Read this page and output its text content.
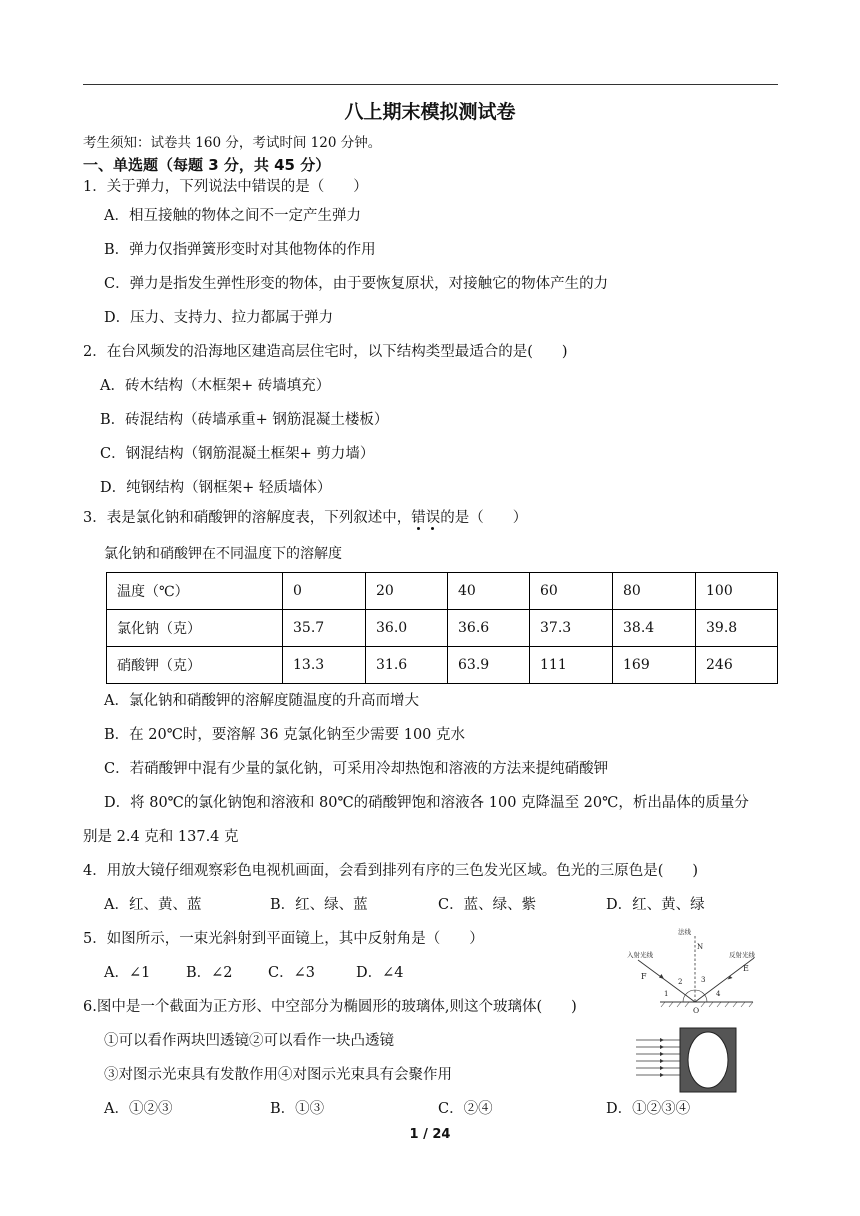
八上期末模拟测试卷
考生须知：试卷共 160 分，考试时间 120 分钟。
一、单选题（每题 3 分，共 45 分）
1．关于弹力，下列说法中错误的是（　　）
A．相互接触的物体之间不一定产生弹力
B．弹力仅指弹簧形变时对其他物体的作用
C．弹力是指发生弹性形变的物体，由于要恢复原状，对接触它的物体产生的力
D．压力、支持力、拉力都属于弹力
2．在台风频发的沿海地区建造高层住宅时，以下结构类型最适合的是(　　)
A．砖木结构（木框架+ 砖墙填充）
B．砖混结构（砖墙承重+ 钢筋混凝土楼板）
C．钢混结构（钢筋混凝土框架+ 剪力墙）
D．纯钢结构（钢框架+ 轻质墙体）
3．表是氯化钠和硝酸钾的溶解度表，下列叙述中，错误的是（　　）
氯化钠和硝酸钾在不同温度下的溶解度
温度（℃）	0	20	40	60	80	100
氯化钠（克）	35.7	36.0	36.6	37.3	38.4	39.8
硝酸钾（克）	13.3	31.6	63.9	111	169	246
A．氯化钠和硝酸钾的溶解度随温度的升高而增大
B．在 20℃时，要溶解 36 克氯化钠至少需要 100 克水
C．若硝酸钾中混有少量的氯化钠，可采用冷却热饱和溶液的方法来提纯硝酸钾
D．将 80℃的氯化钠饱和溶液和 80℃的硝酸钾饱和溶液各 100 克降温至 20℃，析出晶体的质量分
别是 2.4 克和 137.4 克
4．用放大镜仔细观察彩色电视机画面，会看到排列有序的三色发光区域。色光的三原色是(　　)
A．红、黄、蓝	B．红、绿、蓝	C．蓝、绿、紫	D．红、黄、绿
5．如图所示，一束光斜射到平面镜上，其中反射角是（　　）
A．∠1 B．∠2 C．∠3	D．∠4
法线
N
入射光线	反射光线
F
E
2	3
1	4
O
6.图中是一个截面为正方形、中空部分为椭圆形的玻璃体,则这个玻璃体(　　)
①可以看作两块凹透镜②可以看作一块凸透镜
③对图示光束具有发散作用④对图示光束具有会聚作用
A．①②③	B．①③	C．②④	D．①②③④
1 / 24
